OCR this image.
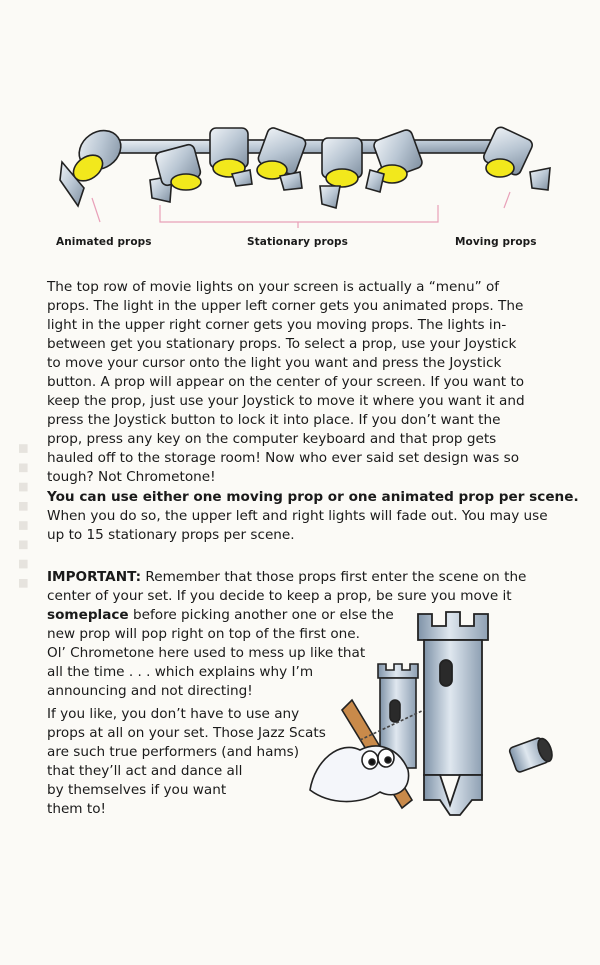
Animated props	Stationary props	Moving props
The top row of movie lights on your screen is actually a “menu” of
props. The light in the upper left corner gets you animated props. The
light in the upper right corner gets you moving props. The lights in-
between get you stationary props. To select a prop, use your Joystick
to move your cursor onto the light you want and press the Joystick
button. A prop will appear on the center of your screen. If you want to
keep the prop, just use your Joystick to move it where you want it and
press the Joystick button to lock it into place. If you don’t want the
prop, press any key on the computer keyboard and that prop gets
hauled off to the storage room! Now who ever said set design was so
tough? Not Chrometone!
You can use either one moving prop or one animated prop per scene.
When you do so, the upper left and right lights will fade out. You may use
up to 15 stationary props per scene.
IMPORTANT: Remember that those props first enter the scene on the
center of your set. If you decide to keep a prop, be sure you move it
someplace before picking another one or else the
new prop will pop right on top of the first one.
Ol’ Chrometone here used to mess up like that
all the time . . . which explains why I’m
announcing and not directing!
If you like, you don’t have to use any
props at all on your set. Those Jazz Scats
are such true performers (and hams)
that they’ll act and dance all
by themselves if you want
them to!
▪▪▪▪▪▪▪▪
